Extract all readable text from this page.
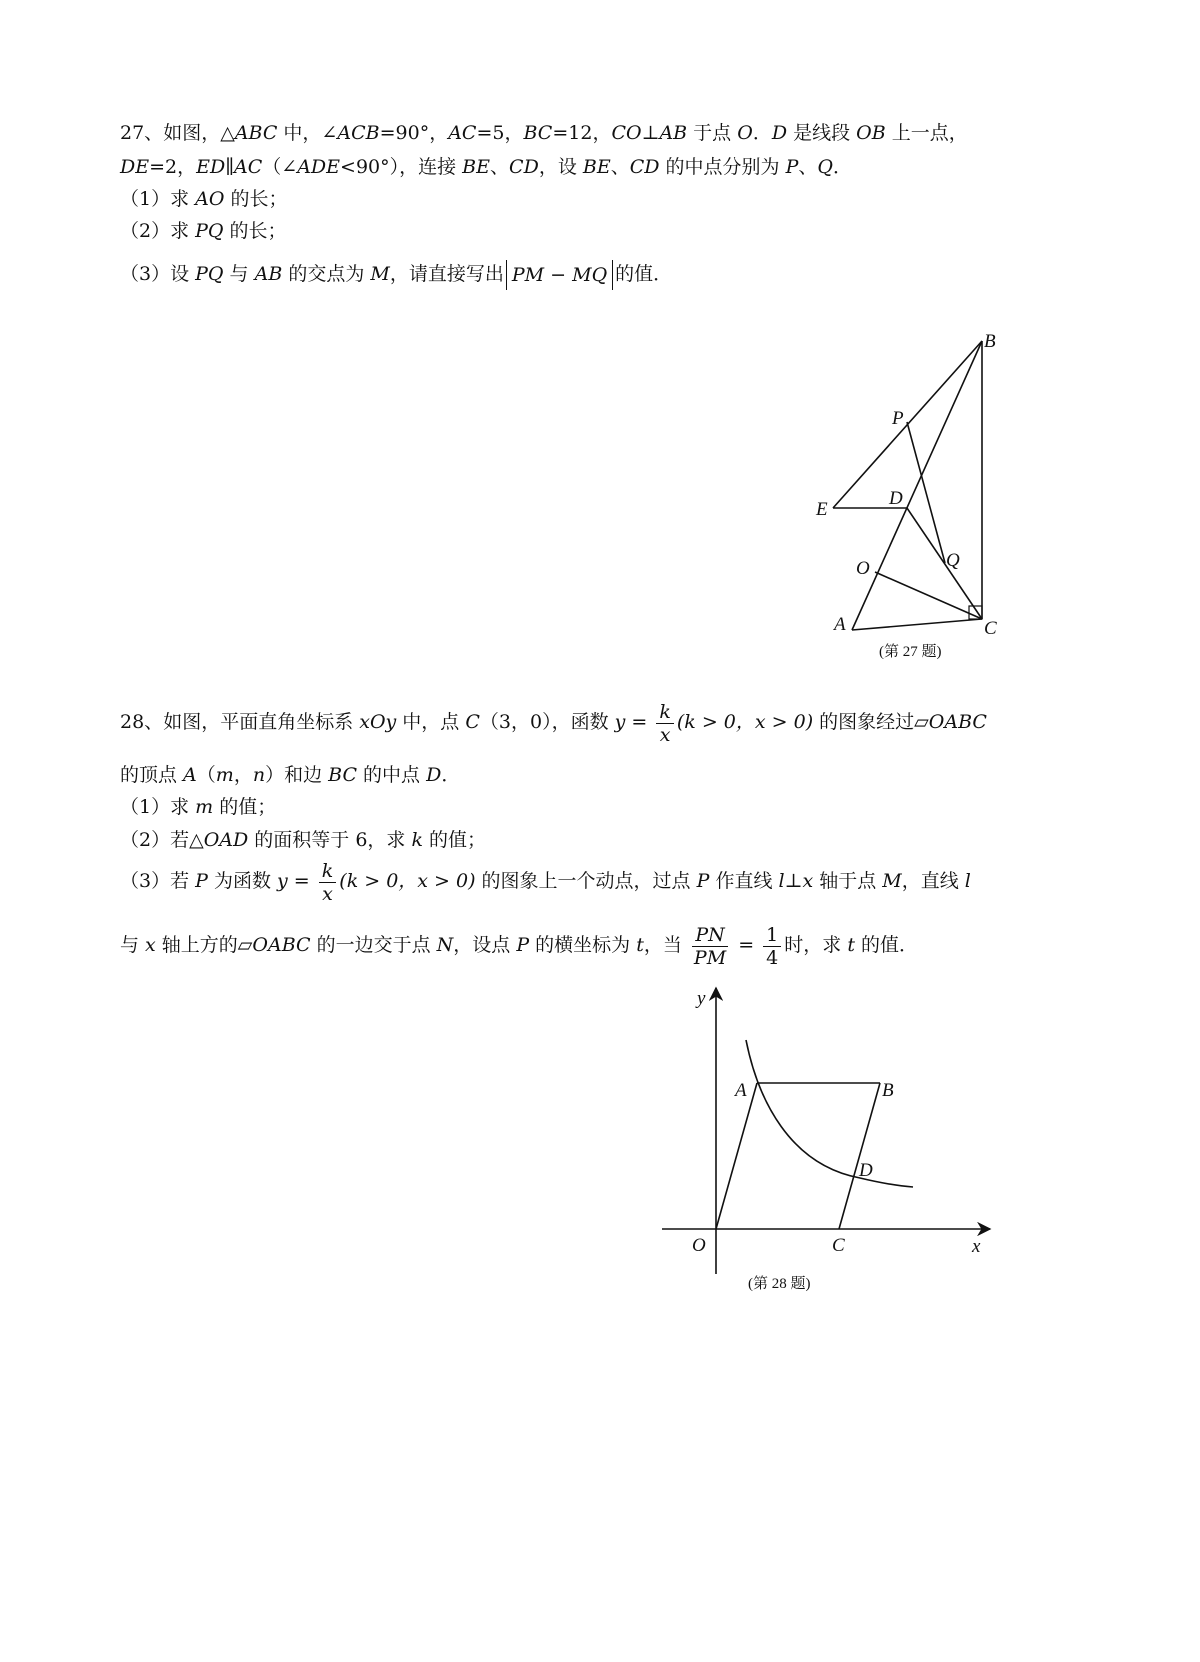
27、如图，△ABC 中，∠ACB=90°，AC=5，BC=12，CO⊥AB 于点 O．D 是线段 OB 上一点，
DE=2，ED∥AC（∠ADE<90°），连接 BE、CD，设 BE、CD 的中点分别为 P、Q．
（1）求 AO 的长；
（2）求 PQ 的长；
（3）设 PQ 与 AB 的交点为 M，请直接写出 PM − MQ 的值．
B
P
D
E
Q
O
A	C
(第 27 题)
28、如图，平面直角坐标系 xOy 中，点 C（3，0），函数 $y = \frac{k}{x} (k > 0$，x > 0) 的图象经过▱OABC
的顶点 A（m，n）和边 BC 的中点 D．
（1）求 m 的值；
（2）若△OAD 的面积等于 6，求 k 的值；
（3）若 P 为函数 $y = \frac{k}{x} (k > 0$，x > 0) 的图象上一个动点，过点 P 作直线 l⊥x 轴于点 M，直线 l
与 x 轴上方的▱OABC 的一边交于点 N，设点 P 的横坐标为 t，当 $\frac{PN}{PM} = \frac{1}{4}$ 时，求 t 的值．
y
A	B
D
O	C	x
(第 28 题)
